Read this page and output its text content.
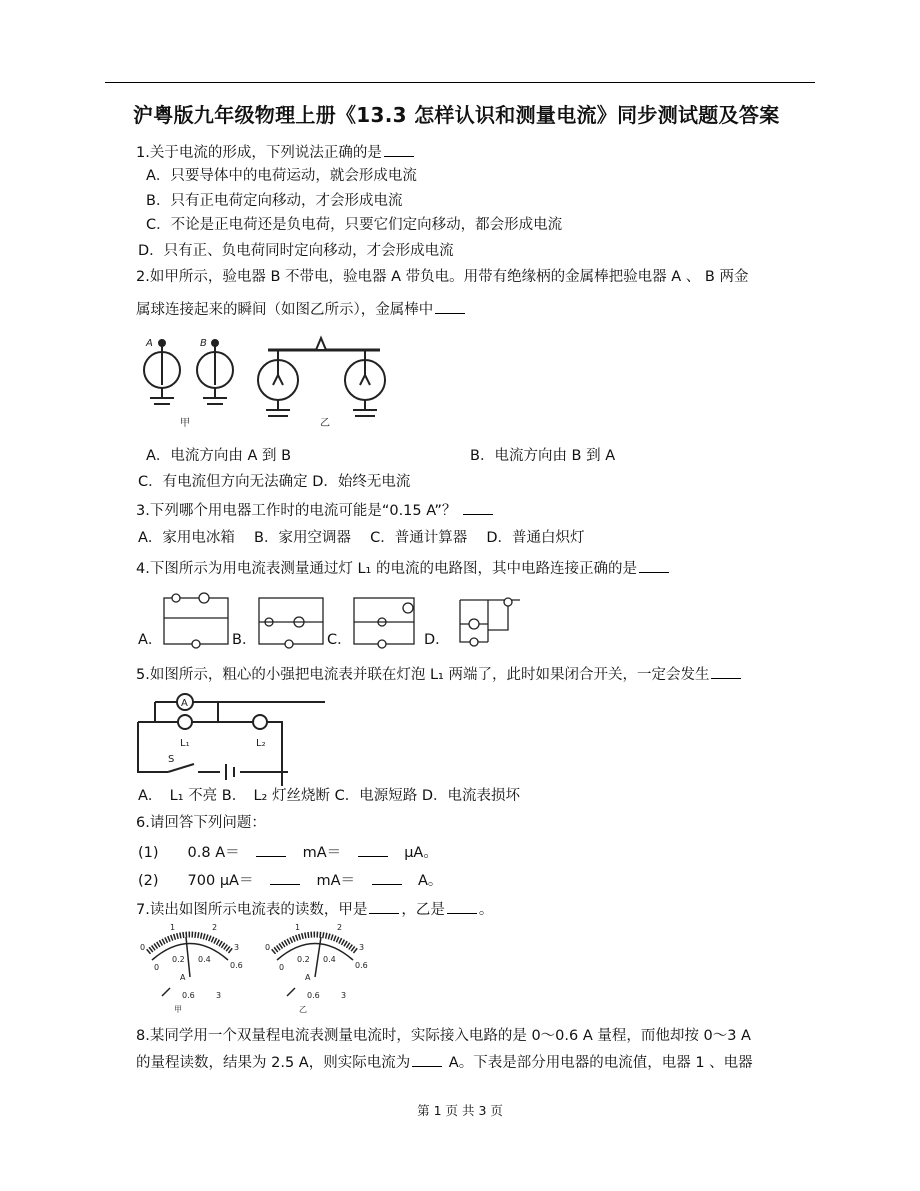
沪粤版九年级物理上册《13.3 怎样认识和测量电流》同步测试题及答案
1.关于电流的形成，下列说法正确的是
A．只要导体中的电荷运动，就会形成电流
B．只有正电荷定向移动，才会形成电流
C．不论是正电荷还是负电荷，只要它们定向移动，都会形成电流
D．只有正、负电荷同时定向移动，才会形成电流
2.如甲所示，验电器 B 不带电，验电器 A 带负电。用带有绝缘柄的金属棒把验电器 A 、 B 两金
属球连接起来的瞬间（如图乙所示），金属棒中
A	B
甲	乙
A．电流方向由 A 到 B	B．电流方向由 B 到 A
C．有电流但方向无法确定 D．始终无电流
3.下列哪个用电器工作时的电流可能是“0.15 A”？
A．家用电冰箱　 B．家用空调器　 C．普通计算器　 D．普通白炽灯
4.下图所示为用电流表测量通过灯 L₁ 的电流的电路图，其中电路连接正确的是
A．	B．	C．	D．
5.如图所示，粗心的小强把电流表并联在灯泡 L₁ 两端了，此时如果闭合开关，一定会发生
A
L₁	L₂
S
A．　L₁ 不亮 B．　L₂ 灯丝烧断 C．电源短路 D．电流表损坏
6.请回答下列问题：
(1)　　0.8 A＝　　	mA＝　　	μA。
(2)　　700 μA＝　　	mA＝　　	A。
7.读出如图所示电流表的读数，甲是 ，乙是 。
1	2
3
0
0.2 0.4
0.6
0
A
0.6	3
甲
1	2
3
0
0.2 0.4
0.6
0
A
0.6	3
乙
8.某同学用一个双量程电流表测量电流时，实际接入电路的是 0～0.6 A 量程，而他却按 0～3 A
的量程读数，结果为 2.5 A，则实际电流为 A。下表是部分用电器的电流值，电器 1 、电器
第 1 页 共 3 页
